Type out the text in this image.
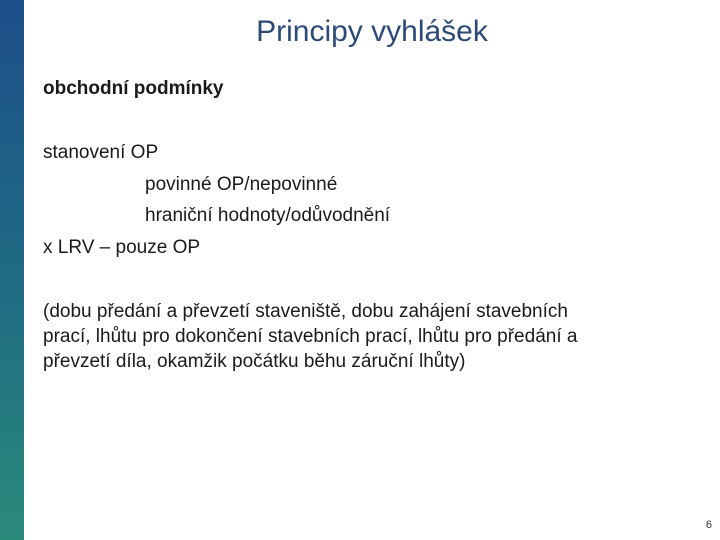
Principy vyhlášek
obchodní podmínky
stanovení OP
povinné OP/nepovinné
hraniční hodnoty/odůvodnění
x LRV – pouze OP
(dobu předání a převzetí staveniště, dobu zahájení stavebních
prací, lhůtu pro dokončení stavebních prací, lhůtu pro předání a
převzetí díla, okamžik počátku běhu záruční lhůty)
6
